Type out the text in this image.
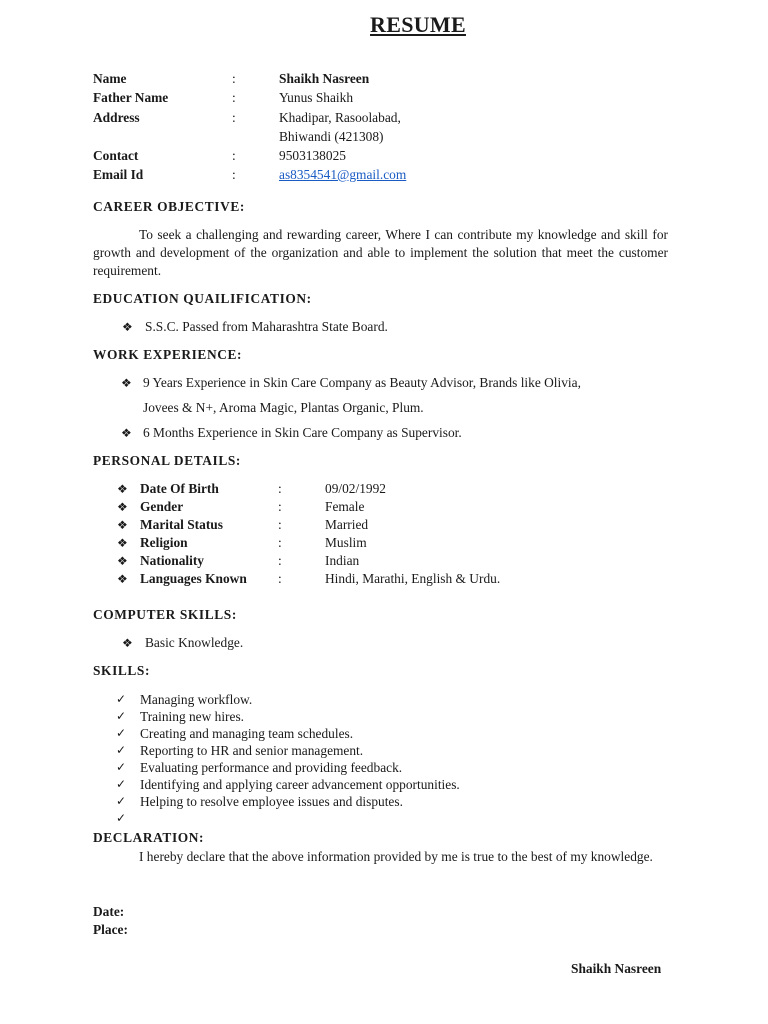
RESUME
Name	:	Shaikh Nasreen
Father Name	:	Yunus Shaikh
Address	:	Khadipar, Rasoolabad,
Bhiwandi (421308)
Contact	:	9503138025
Email Id	:	as8354541@gmail.com
CAREER OBJECTIVE:
To seek a challenging and rewarding career, Where I can contribute my knowledge and skill for growth and development of the organization and able to implement the solution that meet the customer requirement.
EDUCATION QUAILIFICATION:
❖ S.S.C. Passed from Maharashtra State Board.
WORK EXPERIENCE:
❖ 9 Years Experience in Skin Care Company as Beauty Advisor, Brands like Olivia,
Jovees & N+, Aroma Magic, Plantas Organic, Plum.
❖ 6 Months Experience in Skin Care Company as Supervisor.
PERSONAL DETAILS:
❖ Date Of Birth	:	09/02/1992
❖ Gender	:	Female
❖ Marital Status	:	Married
❖ Religion	:	Muslim
❖ Nationality	:	Indian
❖ Languages Known :	Hindi, Marathi, English & Urdu.
COMPUTER SKILLS:
❖ Basic Knowledge.
SKILLS:
✓ Managing workflow.
✓ Training new hires.
✓ Creating and managing team schedules.
✓ Reporting to HR and senior management.
✓ Evaluating performance and providing feedback.
✓ Identifying and applying career advancement opportunities.
✓ Helping to resolve employee issues and disputes.
✓
DECLARATION:
I hereby declare that the above information provided by me is true to the best of my knowledge.
Date:
Place:
Shaikh Nasreen
